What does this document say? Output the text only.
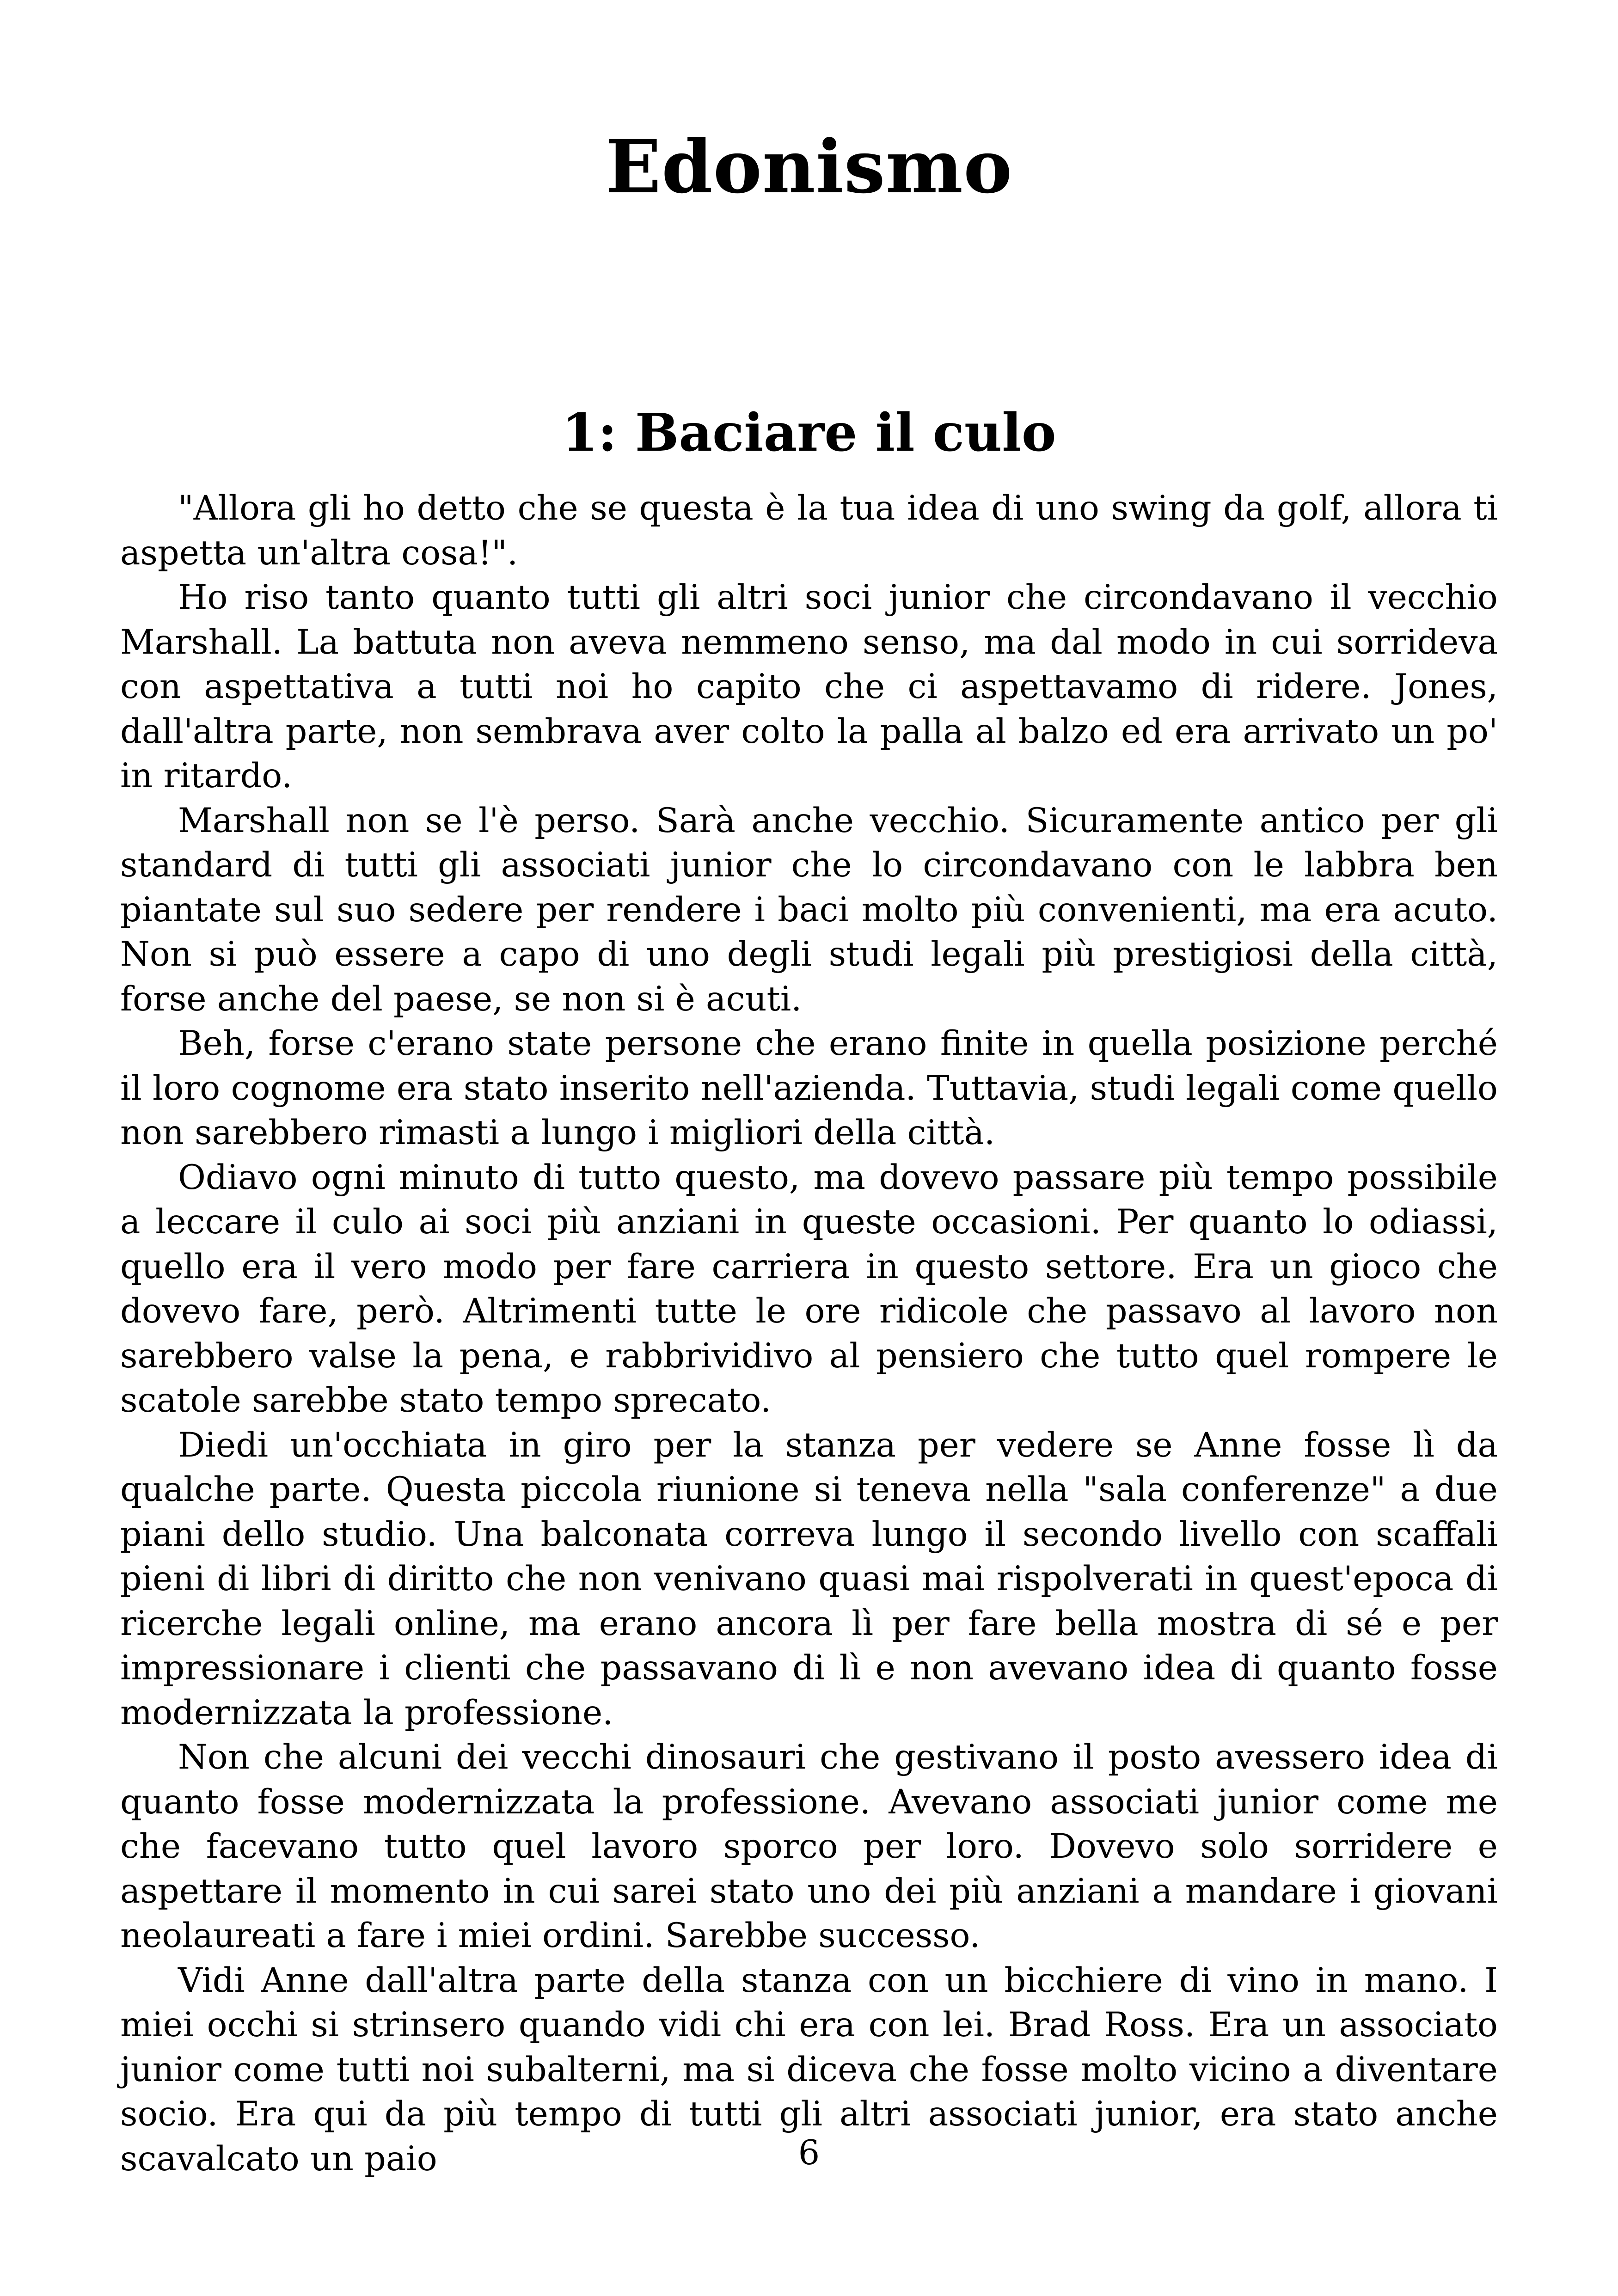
Edonismo
1: Baciare il culo

"Allora gli ho detto che se questa è la tua idea di uno swing da golf, allora ti aspetta un'altra cosa!".

Ho riso tanto quanto tutti gli altri soci junior che circondavano il vecchio Marshall. La battuta non aveva nemmeno senso, ma dal modo in cui sorrideva con aspettativa a tutti noi ho capito che ci aspettavamo di ridere. Jones, dall'altra parte, non sembrava aver colto la palla al balzo ed era arrivato un po' in ritardo.

Marshall non se l'è perso. Sarà anche vecchio. Sicuramente antico per gli standard di tutti gli associati junior che lo circondavano con le labbra ben piantate sul suo sedere per rendere i baci molto più convenienti, ma era acuto. Non si può essere a capo di uno degli studi legali più prestigiosi della città, forse anche del paese, se non si è acuti.

Beh, forse c'erano state persone che erano finite in quella posizione perché il loro cognome era stato inserito nell'azienda. Tuttavia, studi legali come quello non sarebbero rimasti a lungo i migliori della città.

Odiavo ogni minuto di tutto questo, ma dovevo passare più tempo possibile a leccare il culo ai soci più anziani in queste occasioni. Per quanto lo odiassi, quello era il vero modo per fare carriera in questo settore. Era un gioco che dovevo fare, però. Altrimenti tutte le ore ridicole che passavo al lavoro non sarebbero valse la pena, e rabbrividivo al pensiero che tutto quel rompere le scatole sarebbe stato tempo sprecato.

Diedi un'occhiata in giro per la stanza per vedere se Anne fosse lì da qualche parte. Questa piccola riunione si teneva nella "sala conferenze" a due piani dello studio. Una balconata correva lungo il secondo livello con scaffali pieni di libri di diritto che non venivano quasi mai rispolverati in quest'epoca di ricerche legali online, ma erano ancora lì per fare bella mostra di sé e per impressionare i clienti che passavano di lì e non avevano idea di quanto fosse modernizzata la professione.

Non che alcuni dei vecchi dinosauri che gestivano il posto avessero idea di quanto fosse modernizzata la professione. Avevano associati junior come me che facevano tutto quel lavoro sporco per loro. Dovevo solo sorridere e aspettare il momento in cui sarei stato uno dei più anziani a mandare i giovani neolaureati a fare i miei ordini. Sarebbe successo.

Vidi Anne dall'altra parte della stanza con un bicchiere di vino in mano. I miei occhi si strinsero quando vidi chi era con lei. Brad Ross. Era un associato junior come tutti noi subalterni, ma si diceva che fosse molto vicino a diventare socio. Era qui da più tempo di tutti gli altri associati junior, era stato anche scavalcato un paio	6
